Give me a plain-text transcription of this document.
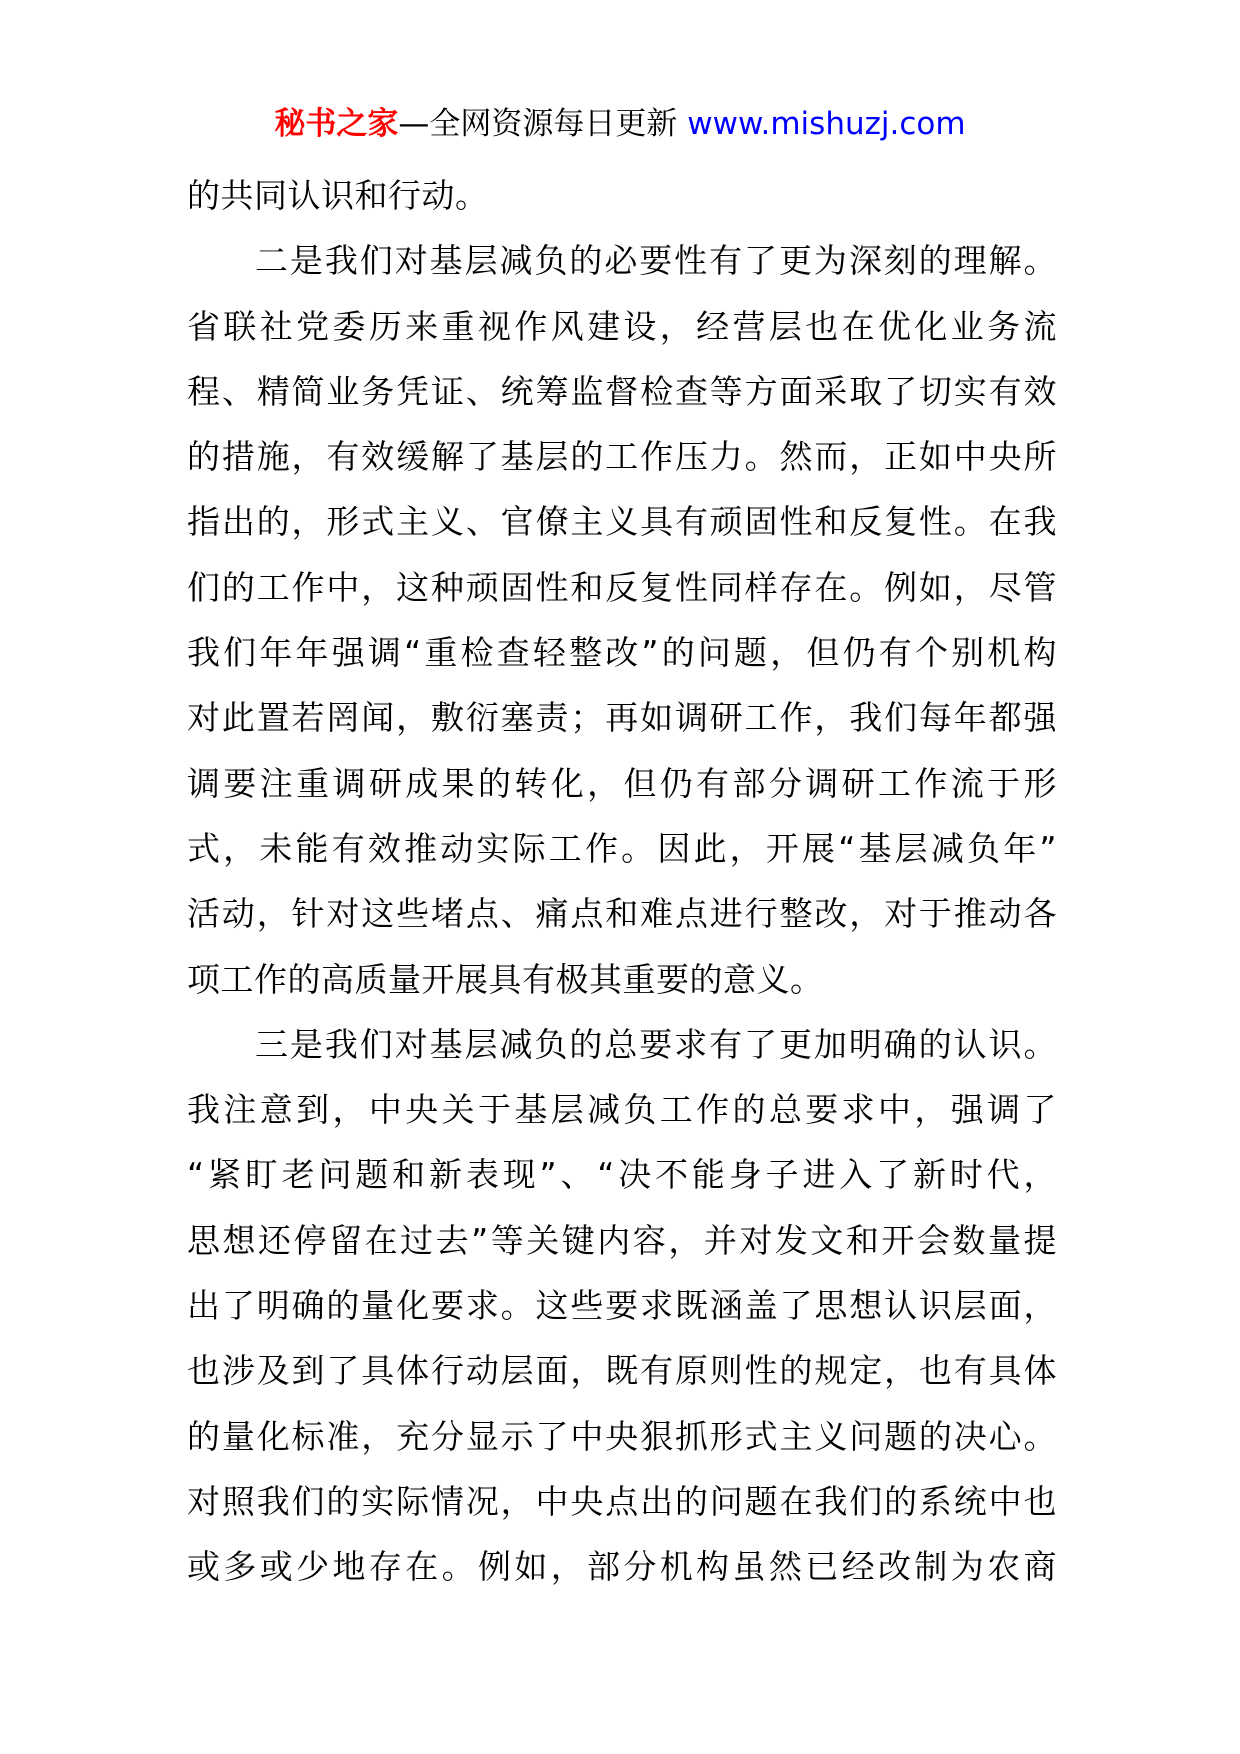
秘书之家—全网资源每日更新 www.mishuzj.com
的共同认识和行动。
二是我们对基层减负的必要性有了更为深刻的理解。
省联社党委历来重视作风建设，经营层也在优化业务流
程、精简业务凭证、统筹监督检查等方面采取了切实有效
的措施，有效缓解了基层的工作压力。然而，正如中央所
指出的，形式主义、官僚主义具有顽固性和反复性。在我
们的工作中，这种顽固性和反复性同样存在。例如，尽管
我们年年强调“重检查轻整改”的问题，但仍有个别机构
对此置若罔闻，敷衍塞责；再如调研工作，我们每年都强
调要注重调研成果的转化，但仍有部分调研工作流于形
式，未能有效推动实际工作。因此，开展“基层减负年”
活动，针对这些堵点、痛点和难点进行整改，对于推动各
项工作的高质量开展具有极其重要的意义。
三是我们对基层减负的总要求有了更加明确的认识。
我注意到，中央关于基层减负工作的总要求中，强调了
“紧盯老问题和新表现”、“决不能身子进入了新时代，
思想还停留在过去”等关键内容，并对发文和开会数量提
出了明确的量化要求。这些要求既涵盖了思想认识层面，
也涉及到了具体行动层面，既有原则性的规定，也有具体
的量化标准，充分显示了中央狠抓形式主义问题的决心。
对照我们的实际情况，中央点出的问题在我们的系统中也
或多或少地存在。例如，部分机构虽然已经改制为农商
